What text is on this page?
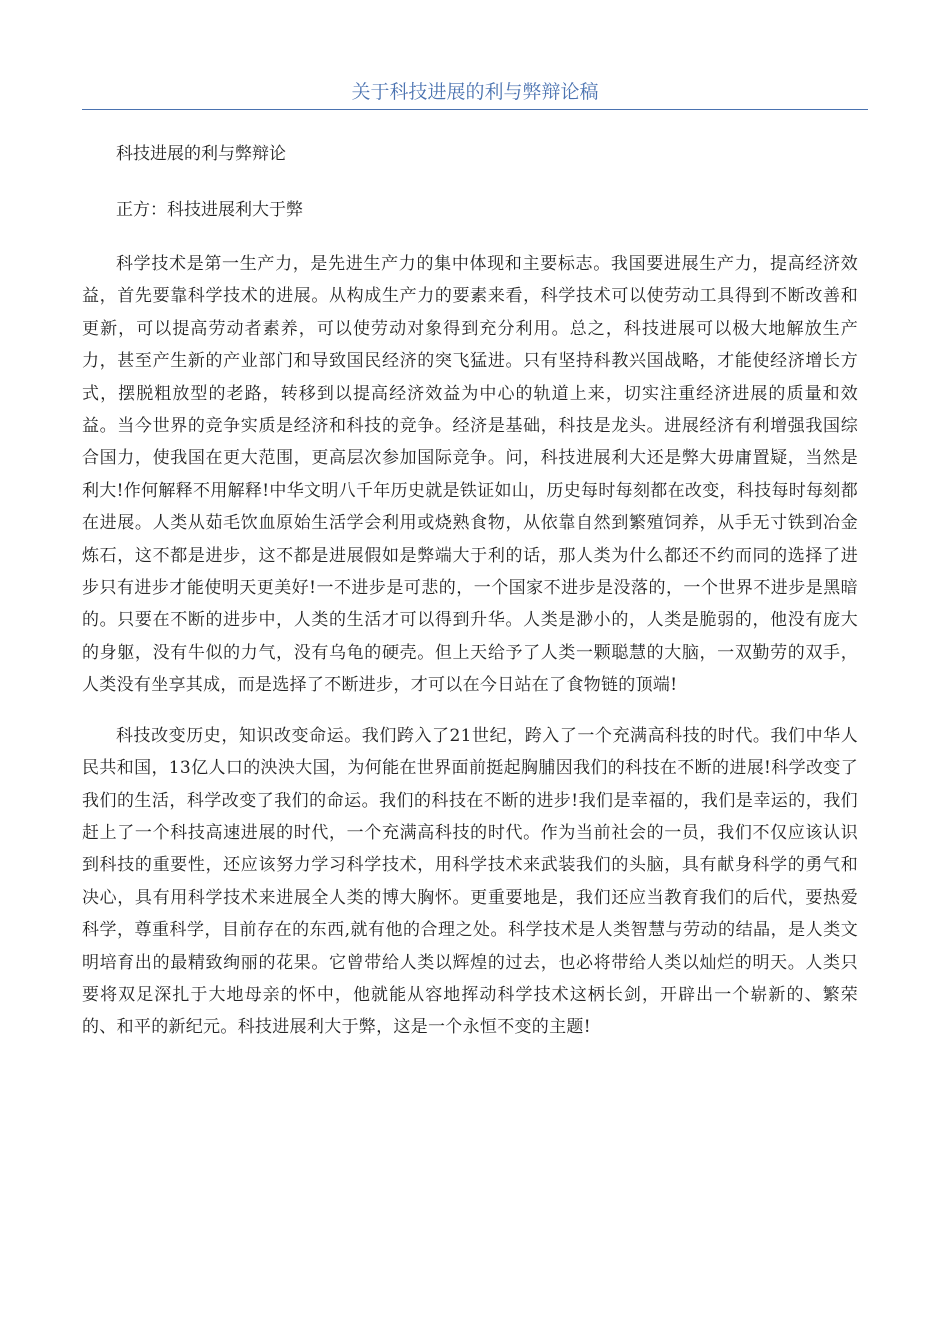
关于科技进展的利与弊辩论稿

科技进展的利与弊辩论

正方：科技进展利大于弊

科学技术是第一生产力，是先进生产力的集中体现和主要标志。我国要进展生产力，提高经济效益，首先要靠科学技术的进展。从构成生产力的要素来看，科学技术可以使劳动工具得到不断改善和更新，可以提高劳动者素养，可以使劳动对象得到充分利用。总之，科技进展可以极大地解放生产力，甚至产生新的产业部门和导致国民经济的突飞猛进。只有坚持科教兴国战略，才能使经济增长方式，摆脱粗放型的老路，转移到以提高经济效益为中心的轨道上来，切实注重经济进展的质量和效益。当今世界的竞争实质是经济和科技的竞争。经济是基础，科技是龙头。进展经济有利增强我国综合国力，使我国在更大范围，更高层次参加国际竞争。问，科技进展利大还是弊大毋庸置疑，当然是利大!作何解释不用解释!中华文明八千年历史就是铁证如山，历史每时每刻都在改变，科技每时每刻都在进展。人类从茹毛饮血原始生活学会利用或烧熟食物，从依靠自然到繁殖饲养，从手无寸铁到冶金炼石，这不都是进步，这不都是进展假如是弊端大于利的话，那人类为什么都还不约而同的选择了进步只有进步才能使明天更美好!一不进步是可悲的，一个国家不进步是没落的，一个世界不进步是黑暗的。只要在不断的进步中，人类的生活才可以得到升华。人类是渺小的，人类是脆弱的，他没有庞大的身躯，没有牛似的力气，没有乌龟的硬壳。但上天给予了人类一颗聪慧的大脑，一双勤劳的双手，人类没有坐享其成，而是选择了不断进步，才可以在今日站在了食物链的顶端!

科技改变历史，知识改变命运。我们跨入了21世纪，跨入了一个充满高科技的时代。我们中华人民共和国，13亿人口的泱泱大国，为何能在世界面前挺起胸脯因我们的科技在不断的进展!科学改变了我们的生活，科学改变了我们的命运。我们的科技在不断的进步!我们是幸福的，我们是幸运的，我们赶上了一个科技高速进展的时代，一个充满高科技的时代。作为当前社会的一员，我们不仅应该认识到科技的重要性，还应该努力学习科学技术，用科学技术来武装我们的头脑，具有献身科学的勇气和决心，具有用科学技术来进展全人类的博大胸怀。更重要地是，我们还应当教育我们的后代，要热爱科学，尊重科学，目前存在的东西,就有他的合理之处。科学技术是人类智慧与劳动的结晶，是人类文明培育出的最精致绚丽的花果。它曾带给人类以辉煌的过去，也必将带给人类以灿烂的明天。人类只要将双足深扎于大地母亲的怀中，他就能从容地挥动科学技术这柄长剑，开辟出一个崭新的、繁荣的、和平的新纪元。科技进展利大于弊，这是一个永恒不变的主题!
